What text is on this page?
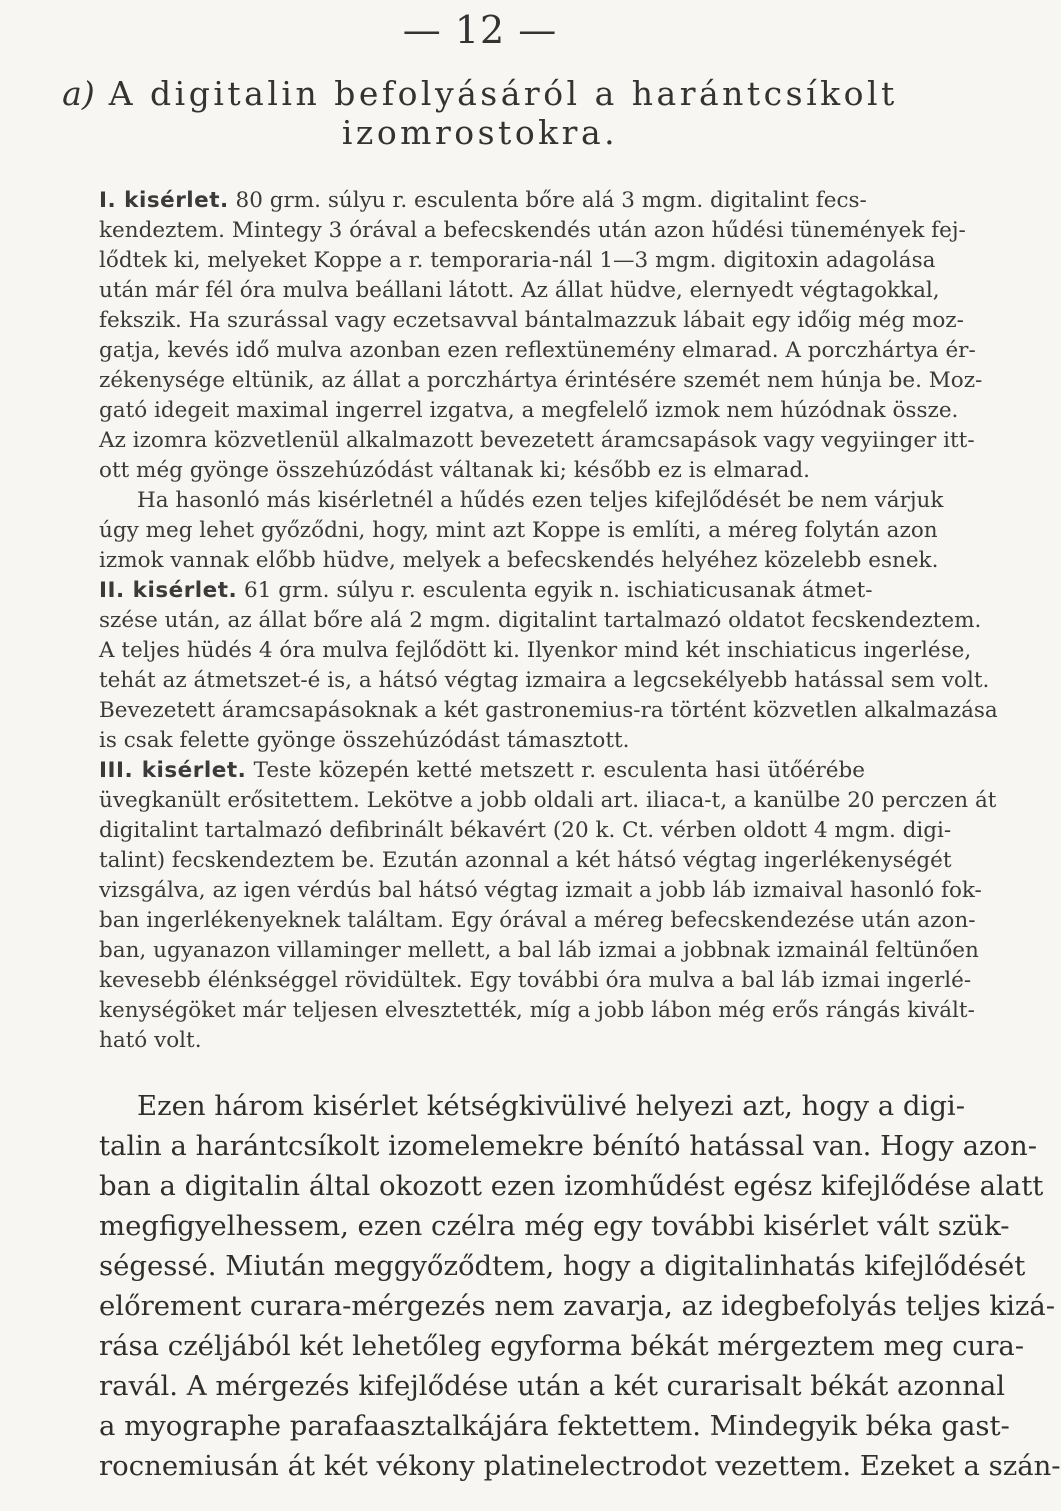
— 12 —
a) A digitalin befolyásáról a harántcsíkolt
izomrostokra.
I. kisérlet. 80 grm. súlyu r. esculenta bőre alá 3 mgm. digitalint fecs-
kendeztem. Mintegy 3 órával a befecskendés után azon hűdési tünemények fej-
lődtek ki, melyeket Koppe a r. temporaria-nál 1—3 mgm. digitoxin adagolása
után már fél óra mulva beállani látott. Az állat hüdve, elernyedt végtagokkal,
fekszik. Ha szurással vagy eczetsavval bántalmazzuk lábait egy időig még moz-
gatja, kevés idő mulva azonban ezen reflextünemény elmarad. A porczhártya ér-
zékenysége eltünik, az állat a porczhártya érintésére szemét nem húnja be. Moz-
gató idegeit maximal ingerrel izgatva, a megfelelő izmok nem húzódnak össze.
Az izomra közvetlenül alkalmazott bevezetett áramcsapások vagy vegyiinger itt-
ott még gyönge összehúzódást váltanak ki; később ez is elmarad.
Ha hasonló más kisérletnél a hűdés ezen teljes kifejlődését be nem várjuk
úgy meg lehet győződni, hogy, mint azt Koppe is említi, a méreg folytán azon
izmok vannak előbb hüdve, melyek a befecskendés helyéhez közelebb esnek.
II. kisérlet. 61 grm. súlyu r. esculenta egyik n. ischiaticusanak átmet-
szése után, az állat bőre alá 2 mgm. digitalint tartalmazó oldatot fecskendeztem.
A teljes hüdés 4 óra mulva fejlődött ki. Ilyenkor mind két inschiaticus ingerlése,
tehát az átmetszet-é is, a hátsó végtag izmaira a legcsekélyebb hatással sem volt.
Bevezetett áramcsapásoknak a két gastronemius-ra történt közvetlen alkalmazása
is csak felette gyönge összehúzódást támasztott.
III. kisérlet. Teste közepén ketté metszett r. esculenta hasi ütőérébe
üvegkanült erősitettem. Lekötve a jobb oldali art. iliaca-t, a kanülbe 20 perczen át
digitalint tartalmazó defibrinált békavért (20 k. Ct. vérben oldott 4 mgm. digi-
talint) fecskendeztem be. Ezután azonnal a két hátsó végtag ingerlékenységét
vizsgálva, az igen vérdús bal hátsó végtag izmait a jobb láb izmaival hasonló fok-
ban ingerlékenyeknek találtam. Egy órával a méreg befecskendezése után azon-
ban, ugyanazon villaminger mellett, a bal láb izmai a jobbnak izmainál feltünően
kevesebb élénkséggel rövidültek. Egy további óra mulva a bal láb izmai ingerlé-
kenységöket már teljesen elvesztették, míg a jobb lábon még erős rángás kivált-
ható volt.
Ezen három kisérlet kétségkivülivé helyezi azt, hogy a digi-
talin a harántcsíkolt izomelemekre bénító hatással van. Hogy azon-
ban a digitalin által okozott ezen izomhűdést egész kifejlődése alatt
megfigyelhessem, ezen czélra még egy további kisérlet vált szük-
ségessé. Miután meggyőződtem, hogy a digitalinhatás kifejlődését
előrement curara-mérgezés nem zavarja, az idegbefolyás teljes kizá-
rása czéljából két lehetőleg egyforma békát mérgeztem meg cura-
ravál. A mérgezés kifejlődése után a két curarisalt békát azonnal
a myographe parafaasztalkájára fektettem. Mindegyik béka gast-
rocnemiusán át két vékony platinelectrodot vezettem. Ezeket a szán-
